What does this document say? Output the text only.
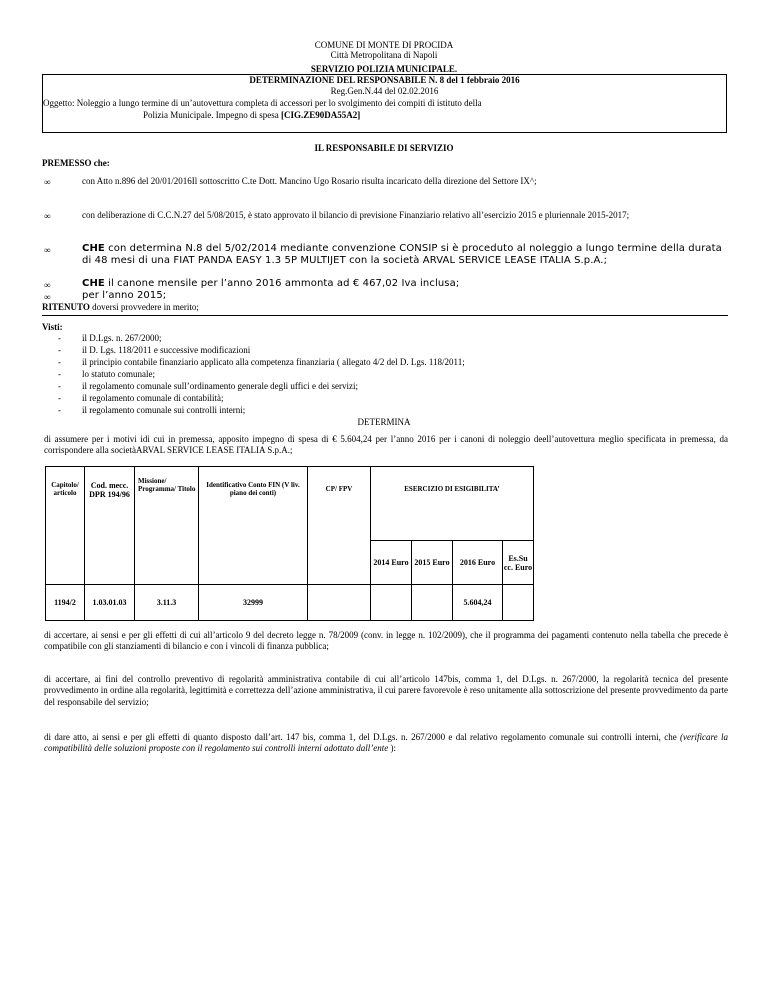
COMUNE DI MONTE DI PROCIDA
Città Metropolitana di Napoli
SERVIZIO POLIZIA MUNICIPALE.
DETERMINAZIONE DEL RESPONSABILE N. 8 del 1 febbraio 2016
Reg.Gen.N.44 del 02.02.2016
Oggetto: Noleggio a lungo termine di un’autovettura completa di accessori per lo svolgimento dei compiti di istituto della
Polizia Municipale. Impegno di spesa [CIG.ZE90DA55A2]
IL RESPONSABILE DI SERVIZIO
PREMESSO che:
∞	con Atto n.896 del 20/01/2016Il sottoscritto C.te Dott. Mancino Ugo Rosario risulta incaricato della direzione del Settore IX^;
∞	con deliberazione di C.C.N.27 del 5/08/2015, è stato approvato il bilancio di previsione Finanziario relativo all’esercizio 2015 e pluriennale 2015-2017;
∞	CHE con determina N.8 del 5/02/2014 mediante convenzione CONSIP si è proceduto al noleggio a lungo termine della durata di 48 mesi di una FIAT PANDA EASY 1.3 5P MULTIJET con la società ARVAL SERVICE LEASE ITALIA S.p.A.;
∞	CHE il canone mensile per l’anno 2016 ammonta ad € 467,02 Iva inclusa;
∞	per l’anno 2015;
RITENUTO doversi provvedere in merito;
Visti:
- il D.Lgs. n. 267/2000;
- il D. Lgs. 118/2011 e successive modificazioni
- il principio contabile finanziario applicato alla competenza finanziaria ( allegato 4/2 del D. Lgs. 118/2011;
- lo statuto comunale;
- il regolamento comunale sull’ordinamento generale degli uffici e dei servizi;
- il regolamento comunale di contabilità;
- il regolamento comunale sui controlli interni;
DETERMINA
di assumere per i motivi idi cui in premessa, apposito impegno di spesa di € 5.604,24 per l’anno 2016 per i canoni di noleggio deell’autovettura meglio specificata in premessa, da corrispondere alla societàARVAL SERVICE LEASE ITALIA S.p.A.;
Capitolo/ articolo	Cod. mecc. DPR 194/96	Missione/ Programma/ Titolo	Identificativo Conto FIN (V liv. piano dei conti)	CP/ FPV	ESERCIZIO DI ESIGIBILITA’			
					2014 Euro	2015 Euro	2016 Euro	Es.Su cc. Euro
1194/2	1.03.01.03	3.11.3	32999				5.604,24	
di accertare, ai sensi e per gli effetti di cui all’articolo 9 del decreto legge n. 78/2009 (conv. in legge n. 102/2009), che il programma dei pagamenti contenuto nella tabella che precede è compatibile con gli stanziamenti di bilancio e con i vincoli di finanza pubblica;
di accertare, ai fini del controllo preventivo di regolarità amministrativa contabile di cui all’articolo 147bis, comma 1, del D.Lgs. n. 267/2000, la regolarità tecnica del presente provvedimento in ordine alla regolarità, legittimità e correttezza dell’azione amministrativa, il cui parere favorevole è reso unitamente alla sottoscrizione del presente provvedimento da parte del responsabile del servizio;
di dare atto, ai sensi e per gli effetti di quanto disposto dall’art. 147 bis, comma 1, del D.Lgs. n. 267/2000 e dal relativo regolamento comunale sui controlli interni, che (verificare la compatibilità delle soluzioni proposte con il regolamento sui controlli interni adottato dall’ente ):
